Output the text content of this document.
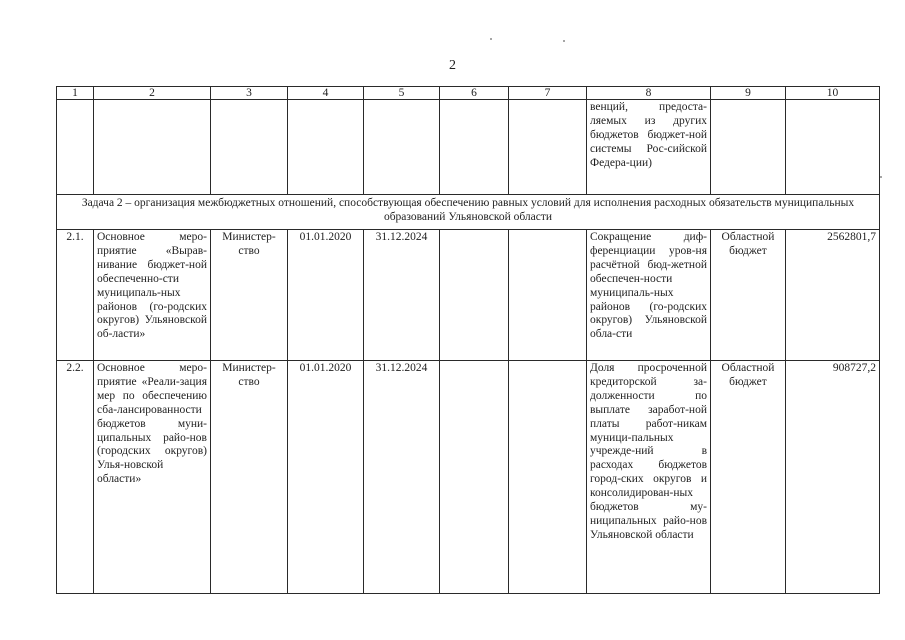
2
1	2	3	4	5	6	7	8	9	10
							венций, предоста-ляемых из других бюджетов бюджет-ной системы Рос-сийской Федера-ции)		
Задача 2 – организация межбюджетных отношений, способствующая обеспечению равных условий для исполнения расходных обязательств муниципальных образований Ульяновской области									
2.1.	Основное меро-приятие «Вырав-нивание бюджет-ной обеспеченно-сти муниципаль-ных районов (го-родских округов) Ульяновской об-ласти»	Министер-ство	01.01.2020	31.12.2024			Сокращение диф-ференциации уров-ня расчётной бюд-жетной обеспечен-ности муниципаль-ных районов (го-родских округов) Ульяновской обла-сти	Областной бюджет	2562801,7
2.2.	Основное меро-приятие «Реали-зация мер по обеспечению сба-лансированности бюджетов муни-ципальных райо-нов (городских округов) Улья-новской области»	Министер-ство	01.01.2020	31.12.2024			Доля просроченной кредиторской за-долженности по выплате заработ-ной платы работ-никам муници-пальных учрежде-ний в расходах бюджетов город-ских округов и консолидирован-ных бюджетов му-ниципальных райо-нов Ульяновской области	Областной бюджет	908727,2
